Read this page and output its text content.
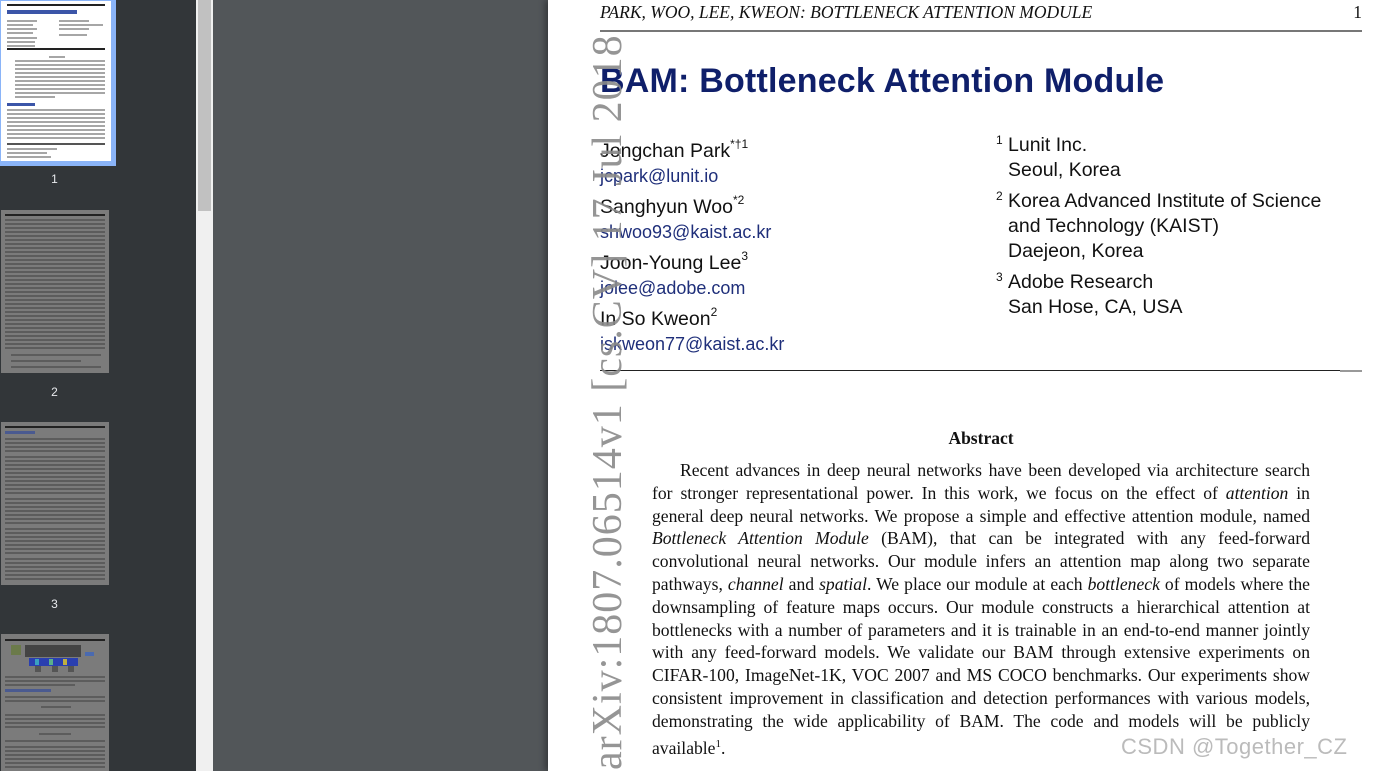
1
2
3
PARK, WOO, LEE, KWEON: BOTTLENECK ATTENTION MODULE	1
BAM: Bottleneck Attention Module
Jongchan Park$^{*\dagger 1}$
jcpark@lunit.io
Sanghyun Woo$^{*2}$
shwoo93@kaist.ac.kr
Joon-Young Lee$^3$
jolee@adobe.com
In So Kweon$^2$
iskweon77@kaist.ac.kr
1 Lunit Inc.
Seoul, Korea
2 Korea Advanced Institute of Science
and Technology (KAIST)
Daejeon, Korea
3 Adobe Research
San Hose, CA, USA
Abstract
Recent advances in deep neural networks have been developed via architecture search for stronger representational power. In this work, we focus on the effect of attention in general deep neural networks. We propose a simple and effective attention module, named Bottleneck Attention Module (BAM), that can be integrated with any feed-forward convolutional neural networks. Our module infers an attention map along two separate pathways, channel and spatial. We place our module at each bottleneck of models where the downsampling of feature maps occurs. Our module constructs a hierarchical attention at bottlenecks with a number of parameters and it is trainable in an end-to-end manner jointly with any feed-forward models. We validate our BAM through extensive experiments on CIFAR-100, ImageNet-1K, VOC 2007 and MS COCO benchmarks. Our experiments show consistent improvement in classification and detection performances with various models, demonstrating the wide applicability of BAM. The code and models will be publicly available$^1$.
arXiv:1807.06514v1 [cs.CV] 17 Jul 2018	CSDN @Together_CZ
